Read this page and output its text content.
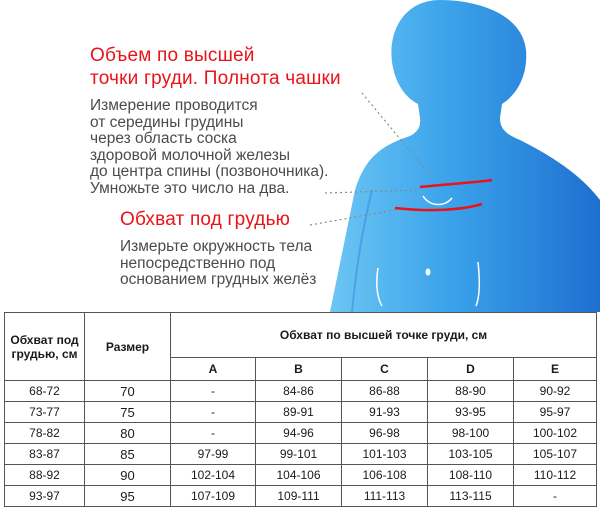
Объем по высшей
точки груди. Полнота чашки
Измерение проводится
от середины грудины
через область соска
здоровой молочной железы
до центра спины (позвоночника).
Умножьте это число на два.
Обхват под грудью
Измерьте окружность тела
непосредственно под
основанием грудных желёз
Обхват под
грудью, см	Размер	Обхват по высшей точке груди, см				
		A	B	C	D	E
68-72	70	-	84-86	86-88	88-90	90-92
73-77	75	-	89-91	91-93	93-95	95-97
78-82	80	-	94-96	96-98	98-100	100-102
83-87	85	97-99	99-101	101-103	103-105	105-107
88-92	90	102-104	104-106	106-108	108-110	110-112
93-97	95	107-109	109-111	111-113	113-115	-
